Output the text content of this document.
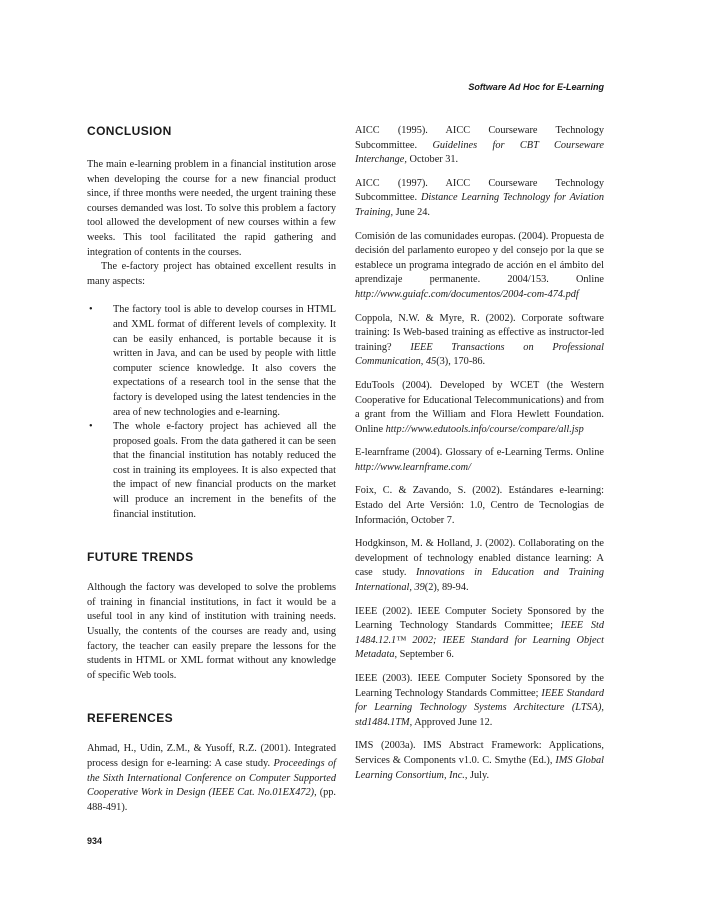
Software Ad Hoc for E-Learning
CONCLUSION

The main e-learning problem in a financial institution arose when developing the course for a new financial product since, if three months were needed, the urgent training these courses demanded was lost. To solve this problem a factory tool allowed the development of new courses within a few weeks. This tool facilitated the rapid gathering and integration of contents in the courses.

The e-factory project has obtained excellent results in many aspects:

• The factory tool is able to develop courses in HTML and XML format of different levels of complexity. It can be easily enhanced, is portable because it is written in Java, and can be used by people with little computer science knowledge. It also covers the expectations of a research tool in the sense that the factory is developed using the latest tendencies in the area of new technologies and e-learning.
• The whole e-factory project has achieved all the proposed goals. From the data gathered it can be seen that the financial institution has notably reduced the cost in training its employees. It is also expected that the impact of new financial products on the market will produce an increment in the benefits of the financial institution.
FUTURE TRENDS

Although the factory was developed to solve the problems of training in financial institutions, in fact it would be a useful tool in any kind of institution with training needs. Usually, the contents of the courses are ready and, using factory, the teacher can easily prepare the lessons for the students in HTML or XML format without any knowledge of specific Web tools.

REFERENCES

Ahmad, H., Udin, Z.M., & Yusoff, R.Z. (2001). Integrated process design for e-learning: A case study. Proceedings of the Sixth International Conference on Computer Supported Cooperative Work in Design (IEEE Cat. No.01EX472), (pp. 488-491).

AICC (1995). AICC Courseware Technology Subcommittee. Guidelines for CBT Courseware Interchange, October 31.

AICC (1997). AICC Courseware Technology Subcommittee. Distance Learning Technology for Aviation Training, June 24.

Comisión de las comunidades europas. (2004). Propuesta de decisión del parlamento europeo y del consejo por la que se establece un programa integrado de acción en el ámbito del aprendizaje permanente. 2004/153. Online http://www.guiafc.com/documentos/2004-com-474.pdf

Coppola, N.W. & Myre, R. (2002). Corporate software training: Is Web-based training as effective as instructor-led training? IEEE Transactions on Professional Communication, 45(3), 170-86.

EduTools (2004). Developed by WCET (the Western Cooperative for Educational Telecommunications) and from a grant from the William and Flora Hewlett Foundation. Online http://www.edutools.info/course/compare/all.jsp

E-learnframe (2004). Glossary of e-Learning Terms. Online http://www.learnframe.com/

Foix, C. & Zavando, S. (2002). Estándares e-learning: Estado del Arte Versión: 1.0, Centro de Tecnologias de Información, October 7.

Hodgkinson, M. & Holland, J. (2002). Collaborating on the development of technology enabled distance learning: A case study. Innovations in Education and Training International, 39(2), 89-94.

IEEE (2002). IEEE Computer Society Sponsored by the Learning Technology Standards Committee; IEEE Std 1484.12.1™ 2002; IEEE Standard for Learning Object Metadata, September 6.

IEEE (2003). IEEE Computer Society Sponsored by the Learning Technology Standards Committee; IEEE Standard for Learning Technology Systems Architecture (LTSA), std1484.1TM, Approved June 12.

IMS (2003a). IMS Abstract Framework: Applications, Services & Components v1.0. C. Smythe (Ed.), IMS Global Learning Consortium, Inc., July.

934
